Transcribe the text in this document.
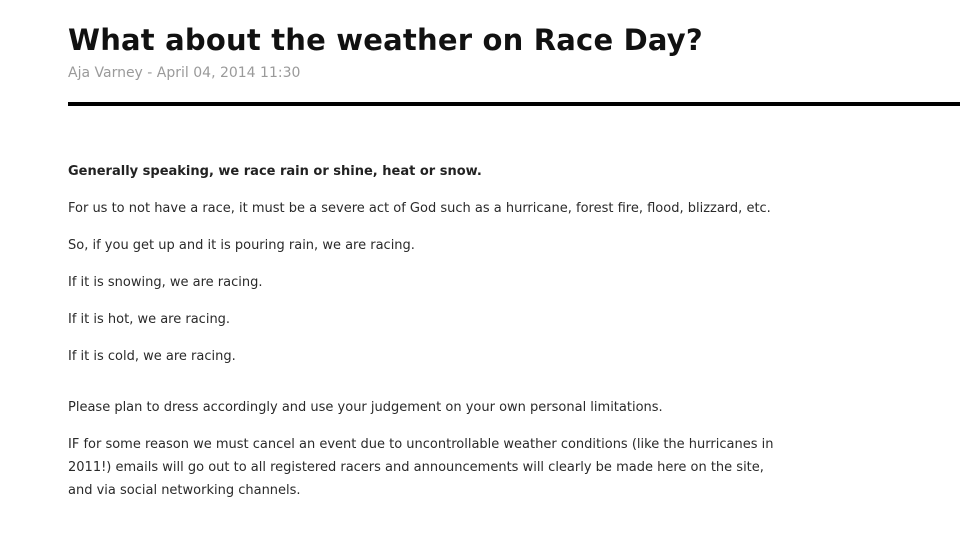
What about the weather on Race Day?
Aja Varney - April 04, 2014 11:30

Generally speaking, we race rain or shine, heat or snow.

For us to not have a race, it must be a severe act of God such as a hurricane, forest fire, flood, blizzard, etc.

So, if you get up and it is pouring rain, we are racing.

If it is snowing, we are racing.

If it is hot, we are racing.

If it is cold, we are racing.

Please plan to dress accordingly and use your judgement on your own personal limitations.

IF for some reason we must cancel an event due to uncontrollable weather conditions (like the hurricanes in 2011!) emails will go out to all registered racers and announcements will clearly be made here on the site, and via social networking channels.
